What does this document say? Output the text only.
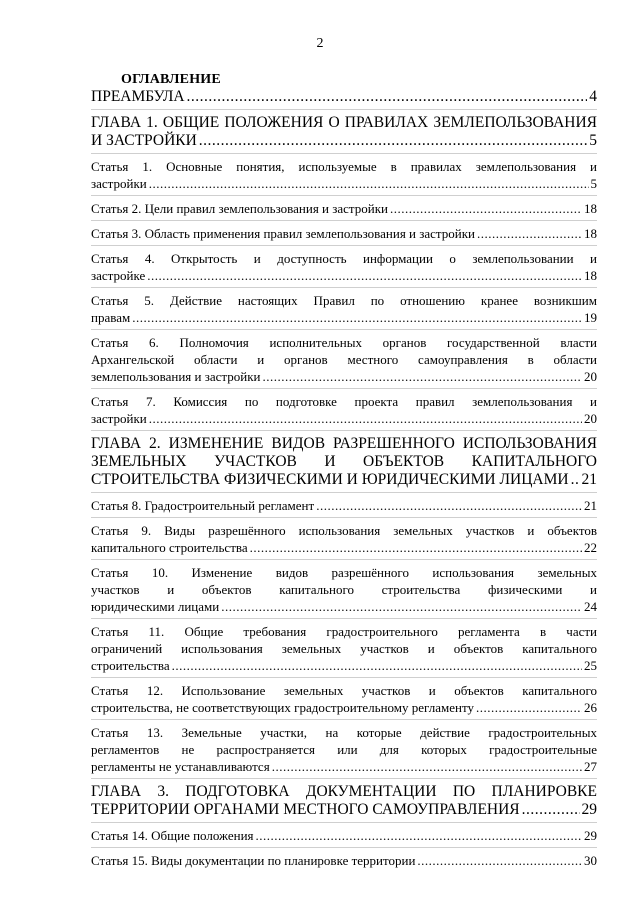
2
ОГЛАВЛЕНИЕ
ПРЕАМБУЛА .....	4
ГЛАВА 1. ОБЩИЕ ПОЛОЖЕНИЯ О ПРАВИЛАХ ЗЕМЛЕПОЛЬЗОВАНИЯ
И ЗАСТРОЙКИ .....	5
Статья 1. Основные понятия, используемые в правилах землепользования и
застройки .....	5
Статья 2. Цели правил землепользования и застройки .....	18
Статья 3. Область применения правил землепользования и застройки .....	18
Статья 4. Открытость и доступность информации о землепользовании и
застройке .....	18
Статья 5. Действие настоящих Правил по отношению кранее возникшим
правам .....	19
Статья 6. Полномочия исполнительных органов государственной власти
Архангельской области и органов местного самоуправления в области
землепользования и застройки .....	20
Статья 7. Комиссия по подготовке проекта правил землепользования и
застройки .....	20
ГЛАВА 2. ИЗМЕНЕНИЕ ВИДОВ РАЗРЕШЕННОГО ИСПОЛЬЗОВАНИЯ
ЗЕМЕЛЬНЫХ УЧАСТКОВ И ОБЪЕКТОВ КАПИТАЛЬНОГО
СТРОИТЕЛЬСТВА ФИЗИЧЕСКИМИ И ЮРИДИЧЕСКИМИ ЛИЦАМИ ..... 21
Статья 8. Градостроительный регламент .....	21
Статья 9. Виды разрешённого использования земельных участков и объектов
капитального строительства .....	22
Статья 10. Изменение видов разрешённого использования земельных
участков и объектов капитального строительства физическими и
юридическими лицами .....	24
Статья 11. Общие требования градостроительного регламента в части
ограничений использования земельных участков и объектов капитального
строительства .....	25
Статья 12. Использование земельных участков и объектов капитального
строительства, не соответствующих градостроительному регламенту .....	26
Статья 13. Земельные участки, на которые действие градостроительных
регламентов не распространяется или для которых градостроительные
регламенты не устанавливаются .....	27
ГЛАВА 3. ПОДГОТОВКА ДОКУМЕНТАЦИИ ПО ПЛАНИРОВКЕ
ТЕРРИТОРИИ ОРГАНАМИ МЕСТНОГО САМОУПРАВЛЕНИЯ .....	29
Статья 14. Общие положения .....	29
Статья 15. Виды документации по планировке территории .....	30
